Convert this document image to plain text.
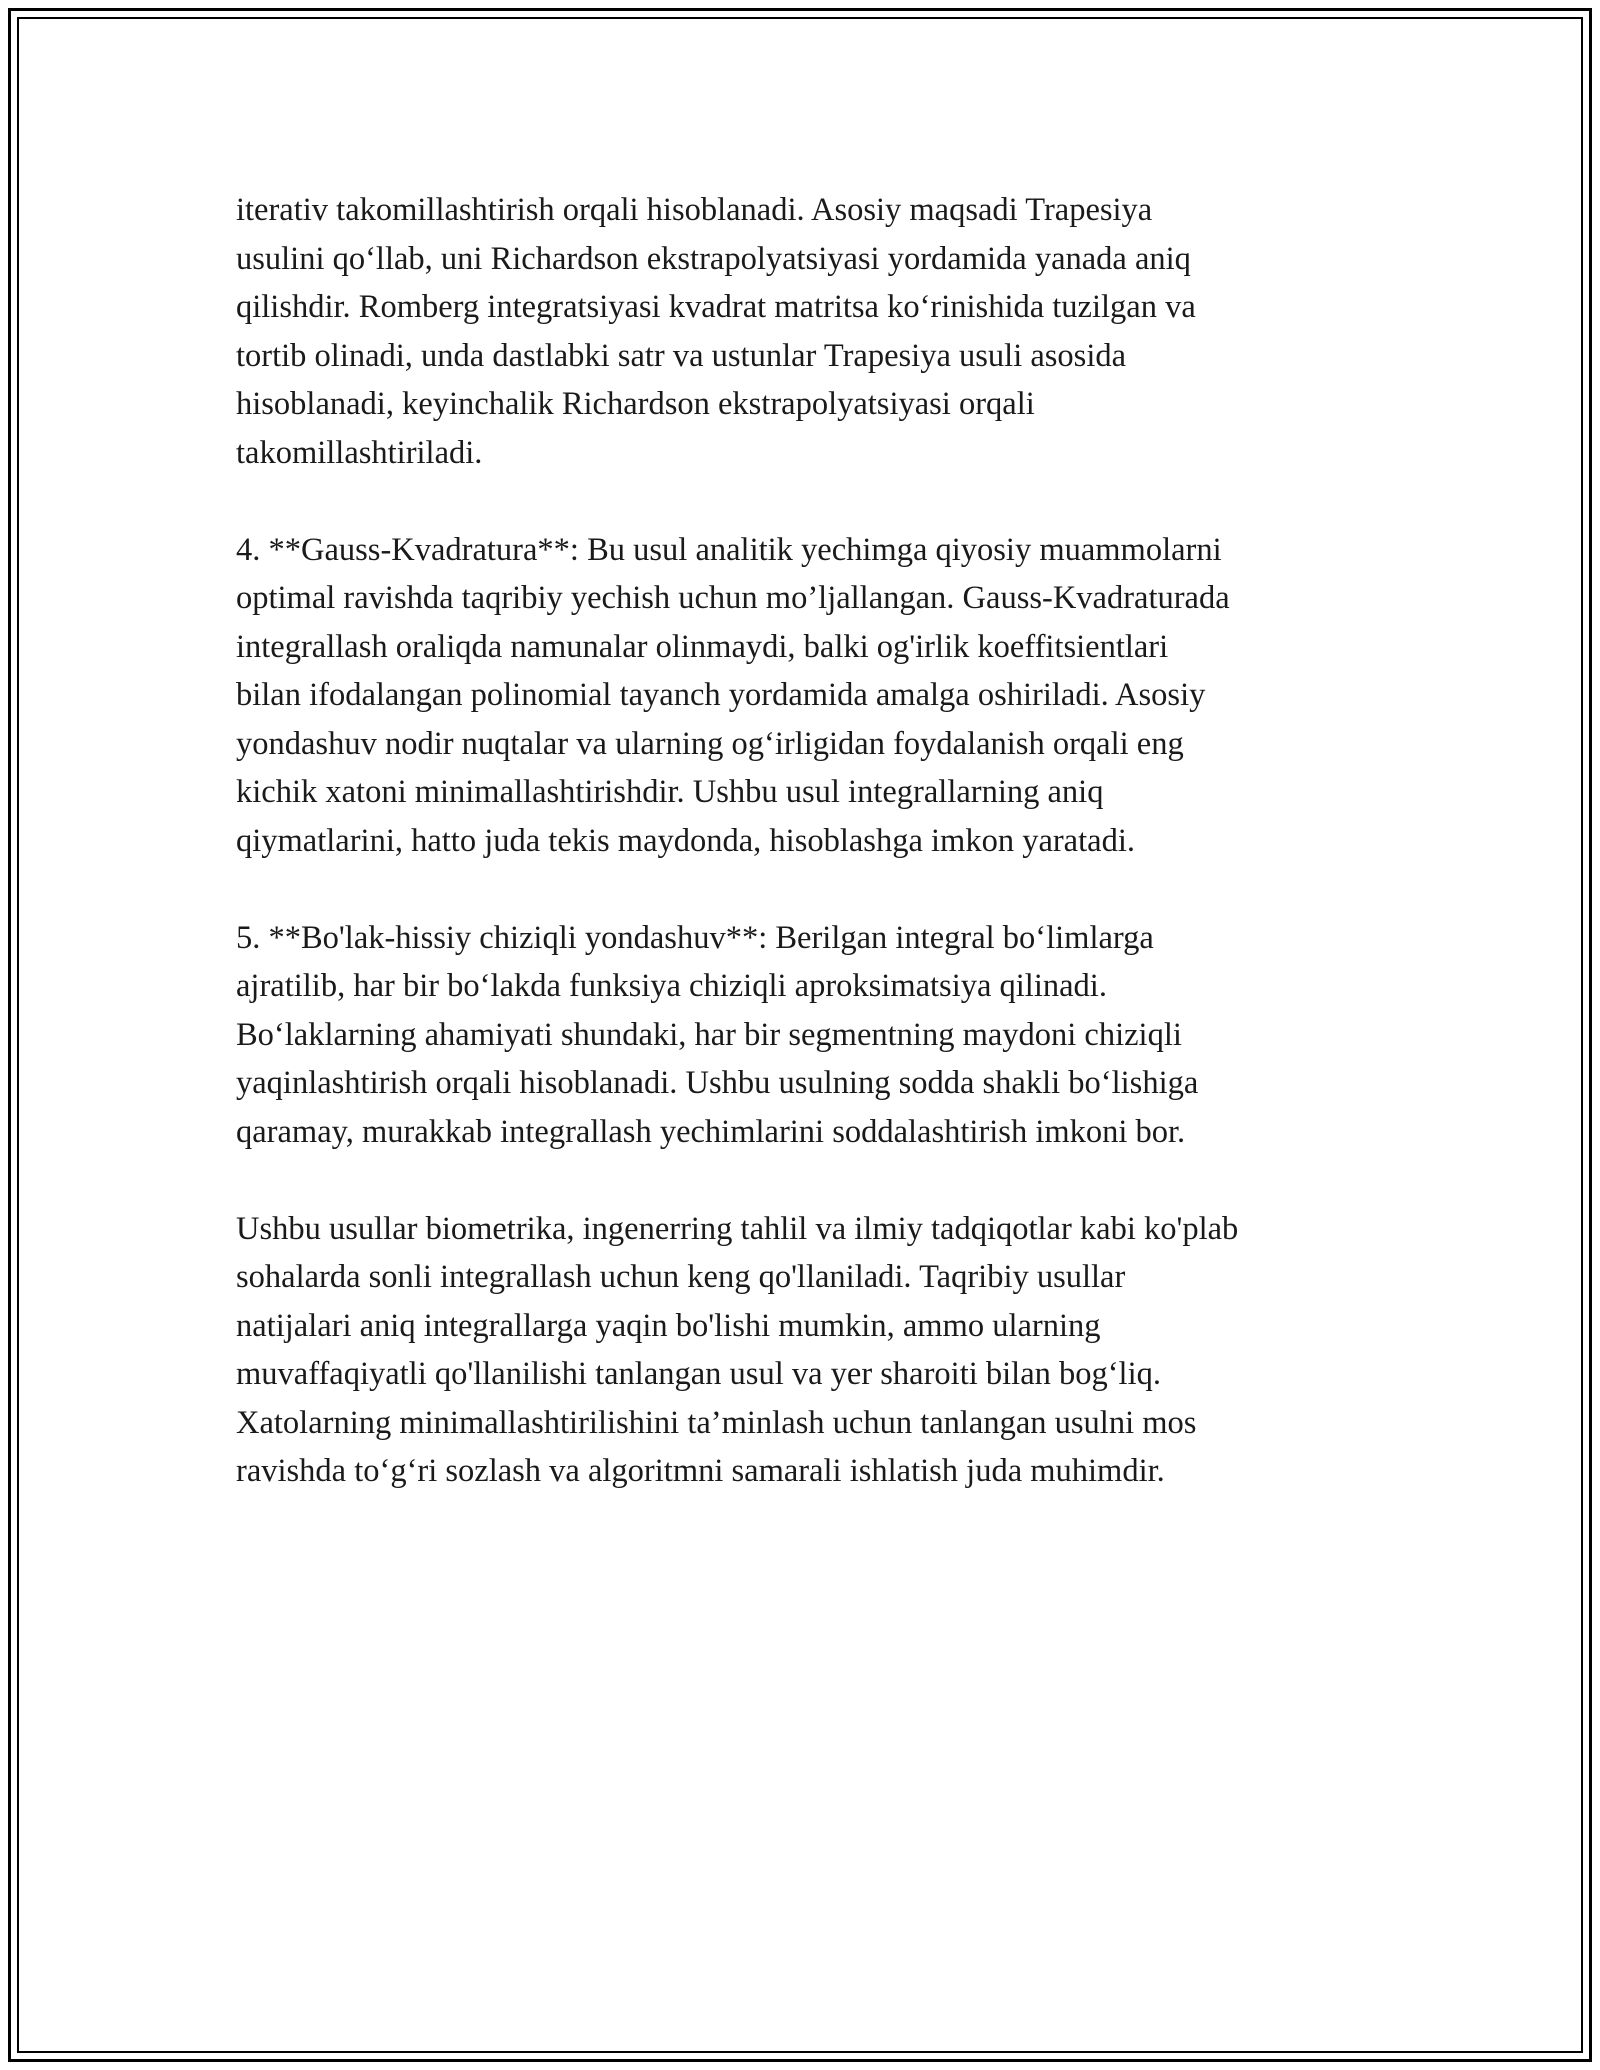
iterativ takomillashtirish orqali hisoblanadi. Asosiy maqsadi Trapesiya
usulini qo‘llab, uni Richardson ekstrapolyatsiyasi yordamida yanada aniq
qilishdir. Romberg integratsiyasi kvadrat matritsa ko‘rinishida tuzilgan va
tortib olinadi, unda dastlabki satr va ustunlar Trapesiya usuli asosida
hisoblanadi, keyinchalik Richardson ekstrapolyatsiyasi orqali
takomillashtiriladi.

4. **Gauss-Kvadratura**: Bu usul analitik yechimga qiyosiy muammolarni
optimal ravishda taqribiy yechish uchun mo’ljallangan. Gauss-Kvadraturada
integrallash oraliqda namunalar olinmaydi, balki og'irlik koeffitsientlari
bilan ifodalangan polinomial tayanch yordamida amalga oshiriladi. Asosiy
yondashuv nodir nuqtalar va ularning og‘irligidan foydalanish orqali eng
kichik xatoni minimallashtirishdir. Ushbu usul integrallarning aniq
qiymatlarini, hatto juda tekis maydonda, hisoblashga imkon yaratadi.

5. **Bo'lak-hissiy chiziqli yondashuv**: Berilgan integral bo‘limlarga
ajratilib, har bir bo‘lakda funksiya chiziqli aproksimatsiya qilinadi.
Bo‘laklarning ahamiyati shundaki, har bir segmentning maydoni chiziqli
yaqinlashtirish orqali hisoblanadi. Ushbu usulning sodda shakli bo‘lishiga
qaramay, murakkab integrallash yechimlarini soddalashtirish imkoni bor.

Ushbu usullar biometrika, ingenerring tahlil va ilmiy tadqiqotlar kabi ko'plab
sohalarda sonli integrallash uchun keng qo'llaniladi. Taqribiy usullar
natijalari aniq integrallarga yaqin bo'lishi mumkin, ammo ularning
muvaffaqiyatli qo'llanilishi tanlangan usul va yer sharoiti bilan bog‘liq.
Xatolarning minimallashtirilishini ta’minlash uchun tanlangan usulni mos
ravishda to‘g‘ri sozlash va algoritmni samarali ishlatish juda muhimdir.
